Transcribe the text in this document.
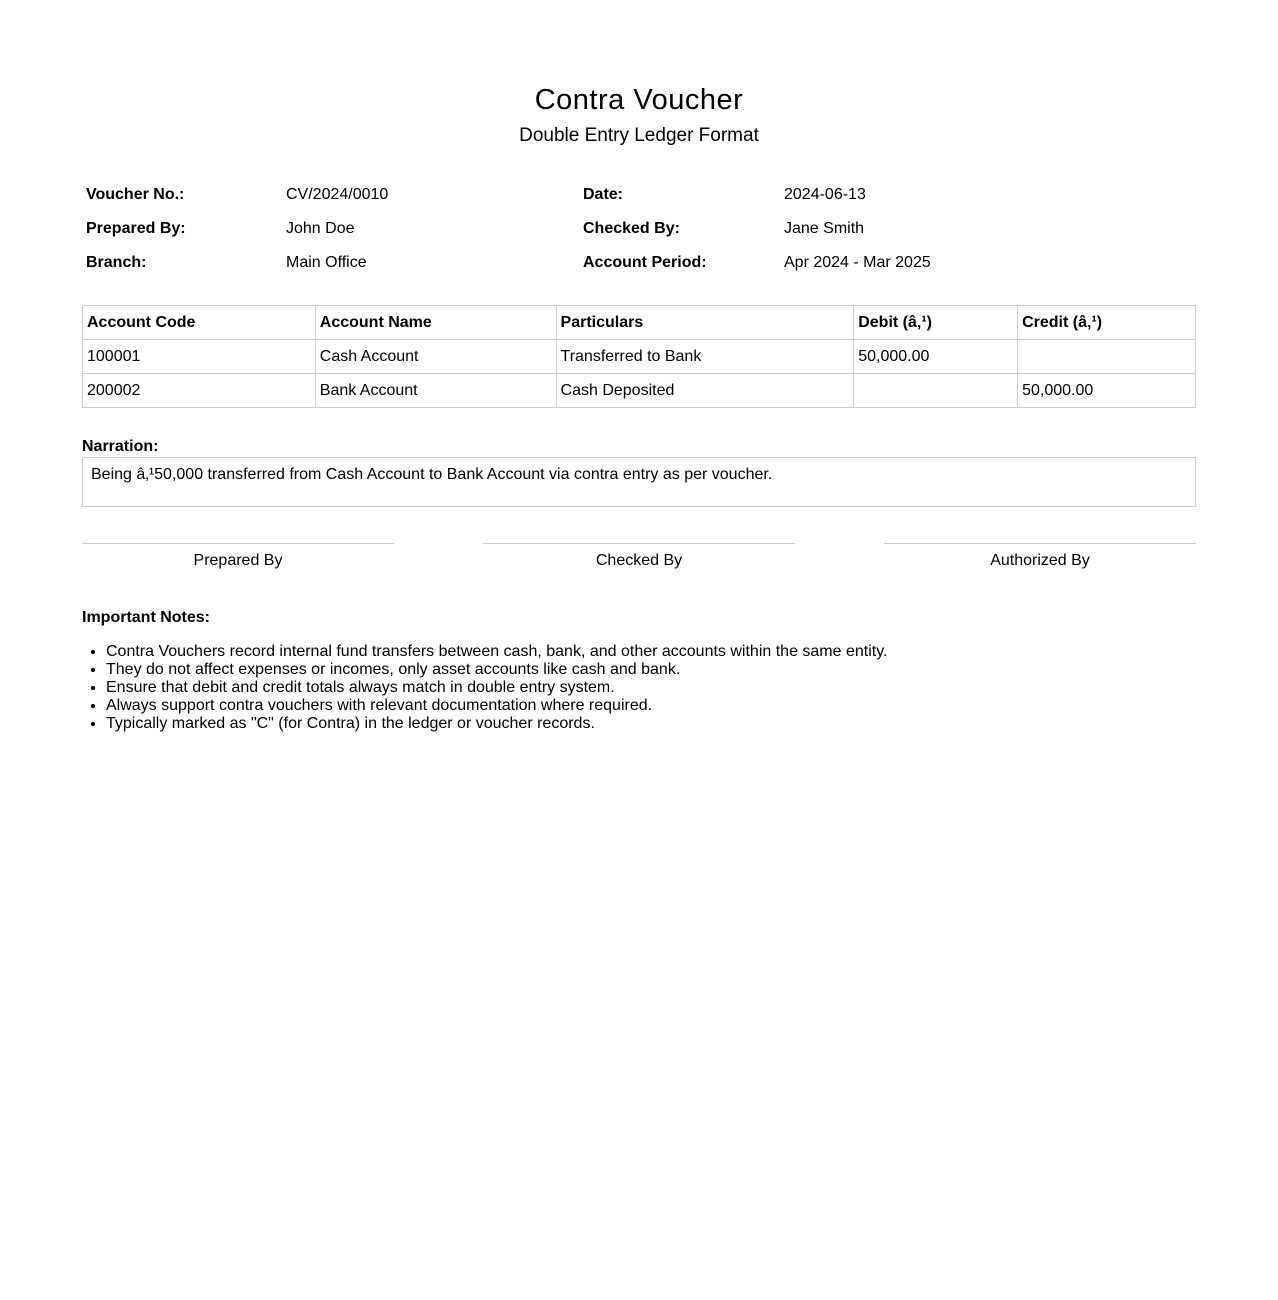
Contra Voucher
Double Entry Ledger Format
Voucher No.:	CV/2024/0010	Date:	2024-06-13
Prepared By:	John Doe	Checked By:	Jane Smith
Branch:	Main Office	Account Period:	Apr 2024 - Mar 2025
Account Code	Account Name	Particulars	Debit (â‚¹)	Credit (â‚¹)
100001	Cash Account	Transferred to Bank	50,000.00	
200002	Bank Account	Cash Deposited		50,000.00
Narration:
Being â‚¹50,000 transferred from Cash Account to Bank Account via contra entry as per voucher.
Prepared By	Checked By	Authorized By
Important Notes:
• Contra Vouchers record internal fund transfers between cash, bank, and other accounts within the same entity.
• They do not affect expenses or incomes, only asset accounts like cash and bank.
• Ensure that debit and credit totals always match in double entry system.
• Always support contra vouchers with relevant documentation where required.
• Typically marked as "C" (for Contra) in the ledger or voucher records.
